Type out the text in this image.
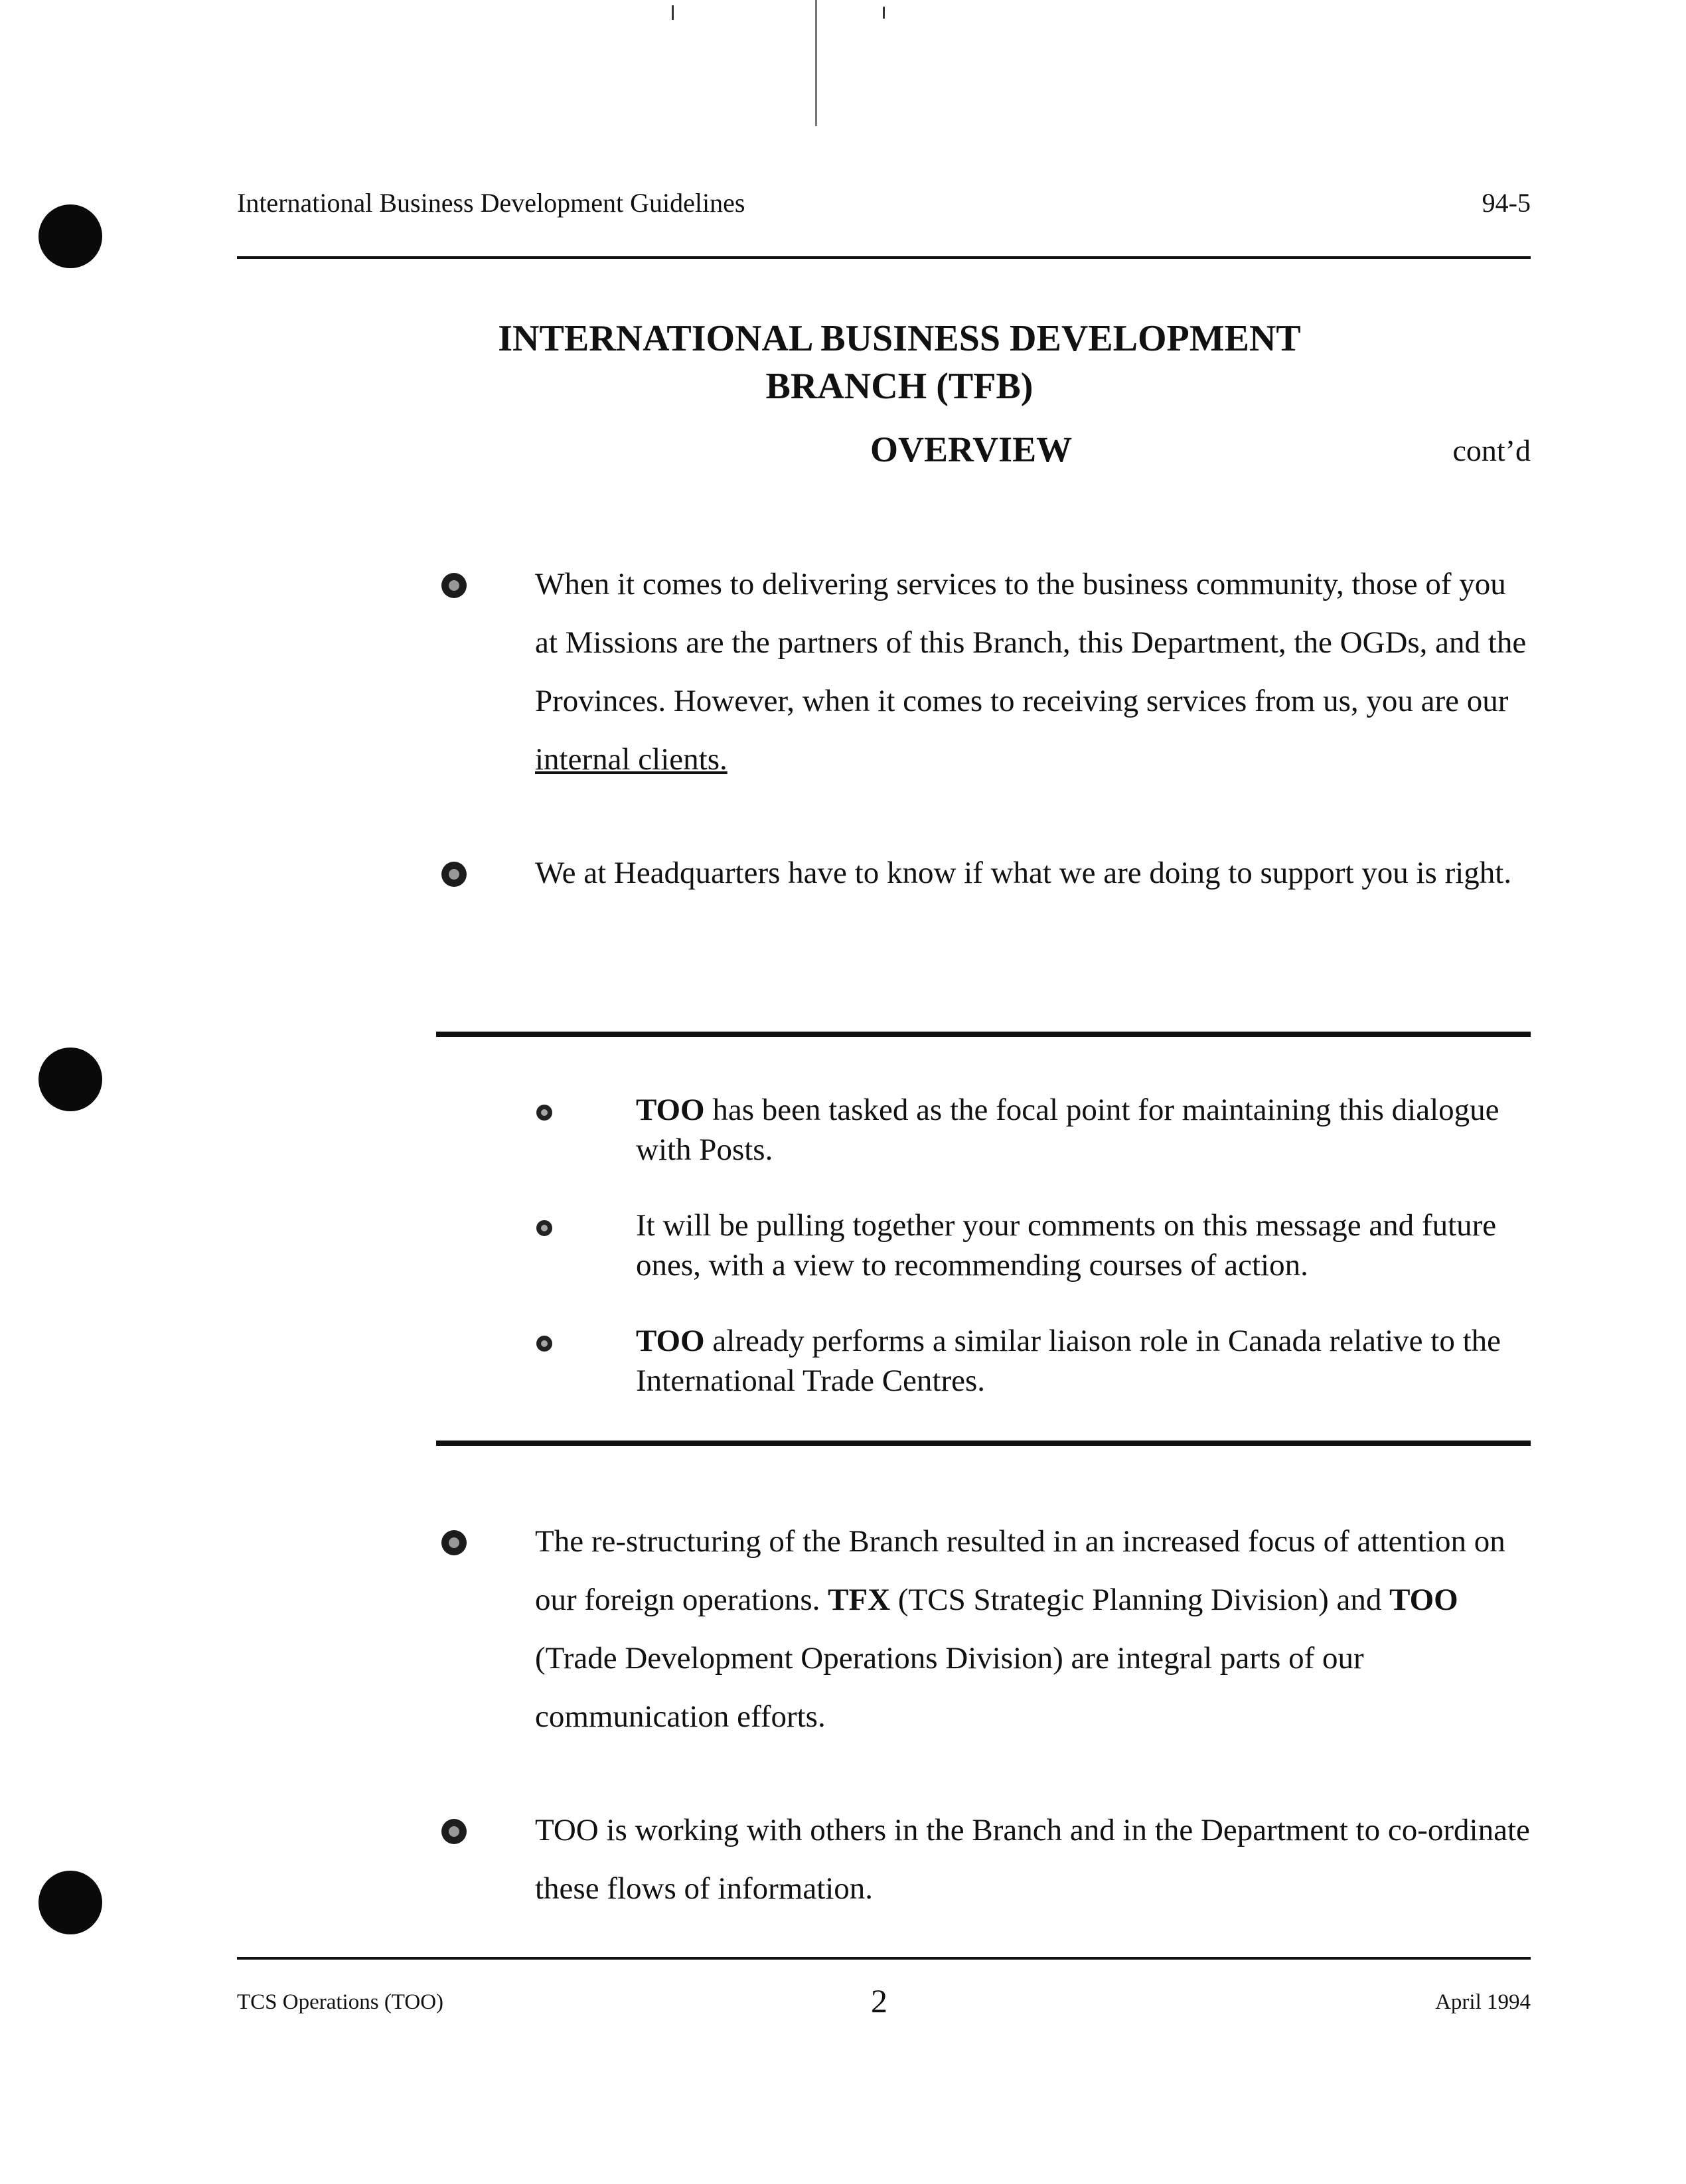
International Business Development Guidelines	94-5
INTERNATIONAL BUSINESS DEVELOPMENT
BRANCH (TFB)
OVERVIEW	cont’d
When it comes to delivering services to the business community, those of you at Missions are the partners of this Branch, this Department, the OGDs, and the Provinces. However, when it comes to receiving services from us, you are our internal clients.
We at Headquarters have to know if what we are doing to support you is right.
TOO has been tasked as the focal point for maintaining this dialogue with Posts.
It will be pulling together your comments on this message and future ones, with a view to recommending courses of action.
TOO already performs a similar liaison role in Canada relative to the International Trade Centres.
The re-structuring of the Branch resulted in an increased focus of attention on our foreign operations. TFX (TCS Strategic Planning Division) and TOO (Trade Development Operations Division) are integral parts of our communication efforts.
TOO is working with others in the Branch and in the Department to co-ordinate these flows of information.
TCS Operations (TOO)	2	April 1994
